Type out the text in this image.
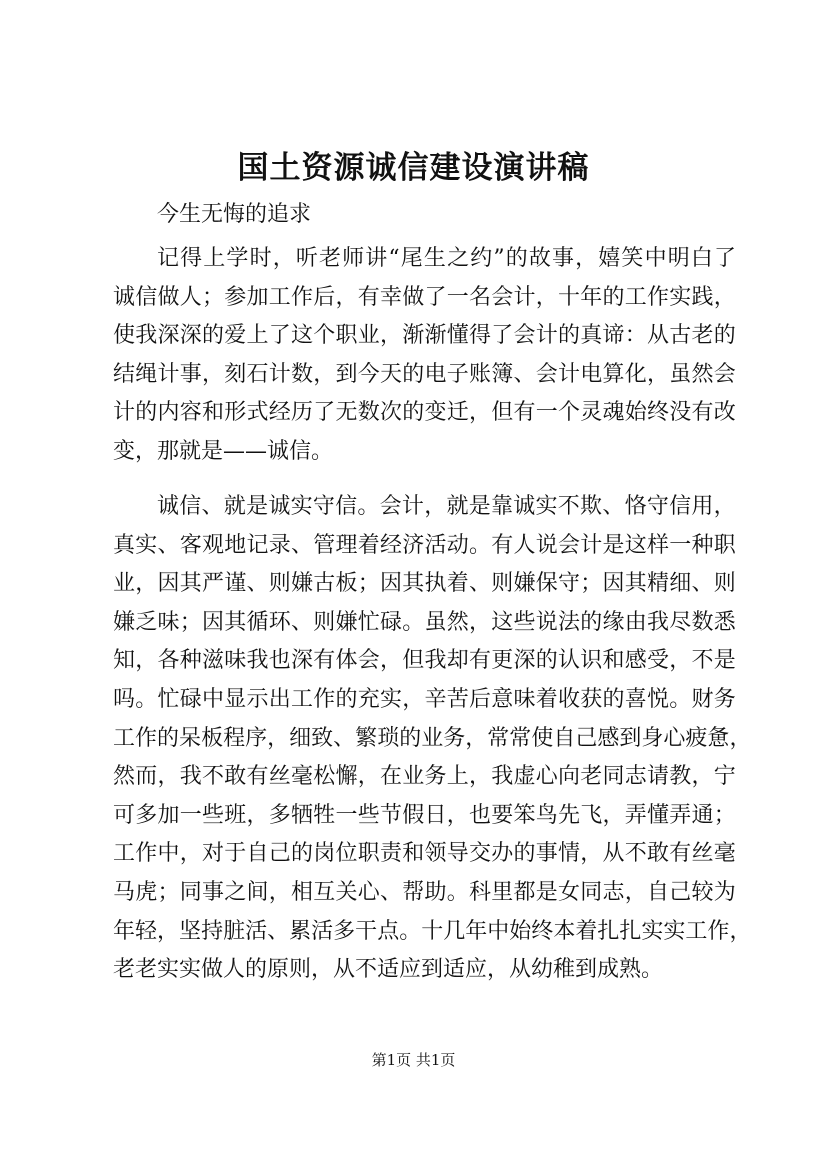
国土资源诚信建设演讲稿

今生无悔的追求

记 得 上 学 时 ， 听 老 师 讲 “ 尾 生 之 约 ” 的 故 事 ， 嬉 笑 中 明 白 了

诚 信 做 人 ； 参 加 工 作 后 ， 有 幸 做 了 一 名 会 计 ， 十 年 的 工 作 实 践 ，

使 我 深 深 的 爱 上 了 这 个 职 业 ， 渐 渐 懂 得 了 会 计 的 真 谛 ： 从 古 老 的

结 绳 计 事 ， 刻 石 计 数 ， 到 今 天 的 电 子 账 簿 、 会 计 电 算 化 ， 虽 然 会

计 的 内 容 和 形 式 经 历 了 无 数 次 的 变 迁 ， 但 有 一 个 灵 魂 始 终 没 有 改

变，那就是——诚信。

诚 信 、 就 是 诚 实 守 信 。 会 计 ， 就 是 靠 诚 实 不 欺 、 恪 守 信 用 ，

真 实 、 客 观 地 记 录 、 管 理 着 经 济 活 动 。 有 人 说 会 计 是 这 样 一 种 职

业 ， 因 其 严 谨 、 则 嫌 古 板 ； 因 其 执 着 、 则 嫌 保 守 ； 因 其 精 细 、 则

嫌 乏 味 ； 因 其 循 环 、 则 嫌 忙 碌 。 虽 然 ， 这 些 说 法 的 缘 由 我 尽 数 悉

知 ， 各 种 滋 味 我 也 深 有 体 会 ， 但 我 却 有 更 深 的 认 识 和 感 受 ， 不 是

吗 。 忙 碌 中 显 示 出 工 作 的 充 实 ， 辛 苦 后 意 味 着 收 获 的 喜 悦 。 财 务

工 作 的 呆 板 程 序 ， 细 致 、 繁 琐 的 业 务 ， 常 常 使 自 己 感 到 身 心 疲 惫 ，

然 而 ， 我 不 敢 有 丝 毫 松 懈 ， 在 业 务 上 ， 我 虚 心 向 老 同 志 请 教 ， 宁

可 多 加 一 些 班 ， 多 牺 牲 一 些 节 假 日 ， 也 要 笨 鸟 先 飞 ， 弄 懂 弄 通 ；

工 作 中 ， 对 于 自 己 的 岗 位 职 责 和 领 导 交 办 的 事 情 ， 从 不 敢 有 丝 毫

马 虎 ； 同 事 之 间 ， 相 互 关 心 、 帮 助 。 科 里 都 是 女 同 志 ， 自 己 较 为

年 轻 ， 坚 持 脏 活 、 累 活 多 干 点 。 十 几 年 中 始 终 本 着 扎 扎 实 实 工 作 ，

老老实实做人的原则，从不适应到适应，从幼稚到成熟。

第1页 共1页
